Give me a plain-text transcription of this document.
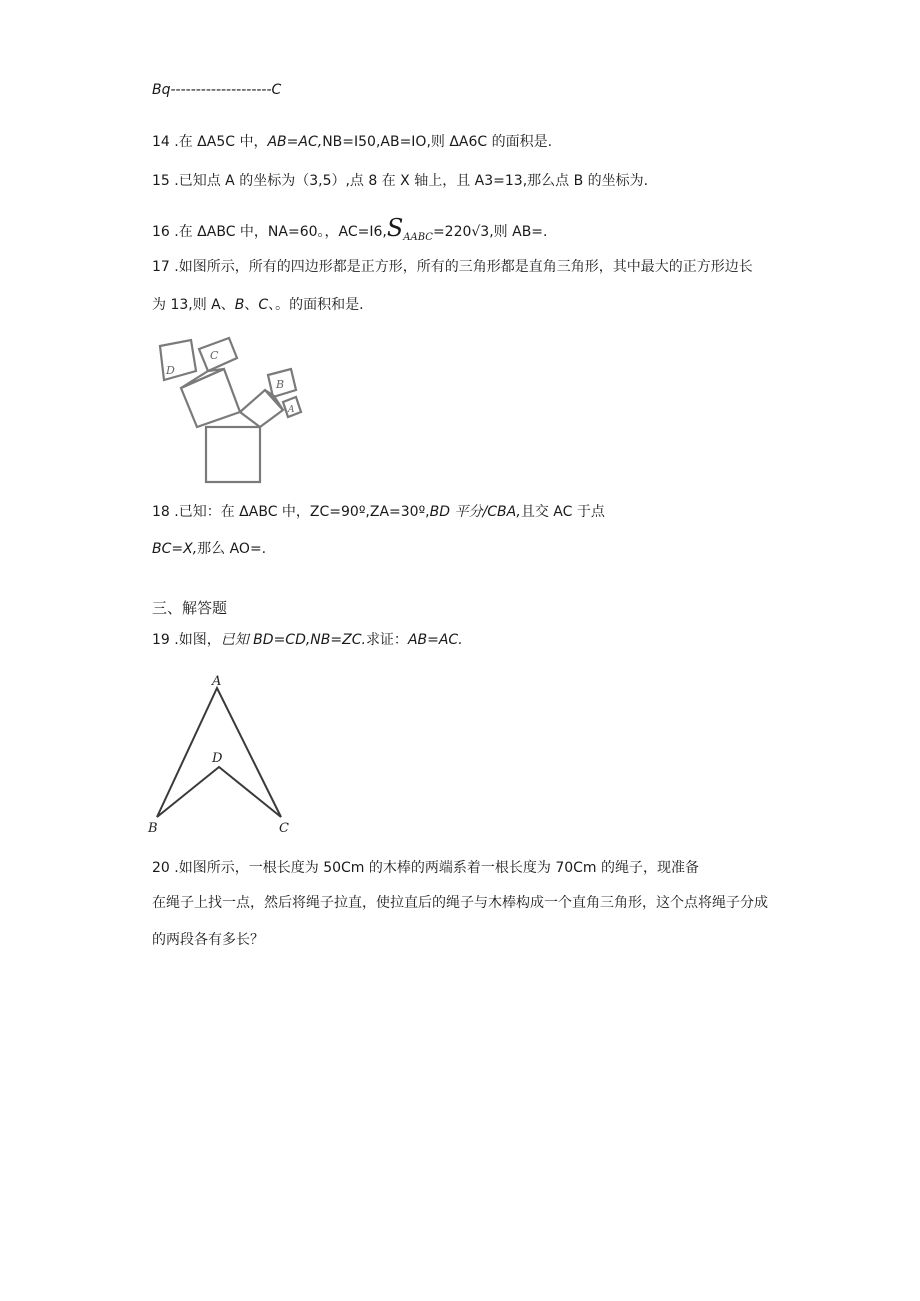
Bq--------------------C
14 .在 ΔA5C 中，AB=AC,NB=I50,AB=IO,则 ΔA6C 的面积是.
15 .已知点 A 的坐标为（3,5）,点 8 在 X 轴上，且 A3=13,那么点 B 的坐标为.
16 .在 ΔABC 中，NA=60。，$AC=I6,S_{AABC}=220√3$,则 AB=.
17 .如图所示，所有的四边形都是正方形，所有的三角形都是直角三角形，其中最大的正方形边长
为 13,则 A、B、C、。的面积和是.
D
C
B
A
18 .已知：在 ΔABC 中，ZC=90º,ZA=30º,BD 平分/CBA,且交 AC 于点
BC=X,那么 AO=.
三、解答题
19 .如图，已知 BD=CD,NB=ZC.求证：AB=AC.
A
B	C
D
20 .如图所示，一根长度为 50Cm 的木棒的两端系着一根长度为 70Cm 的绳子，现准备
在绳子上找一点，然后将绳子拉直，使拉直后的绳子与木棒构成一个直角三角形，这个点将绳子分成
的两段各有多长？
